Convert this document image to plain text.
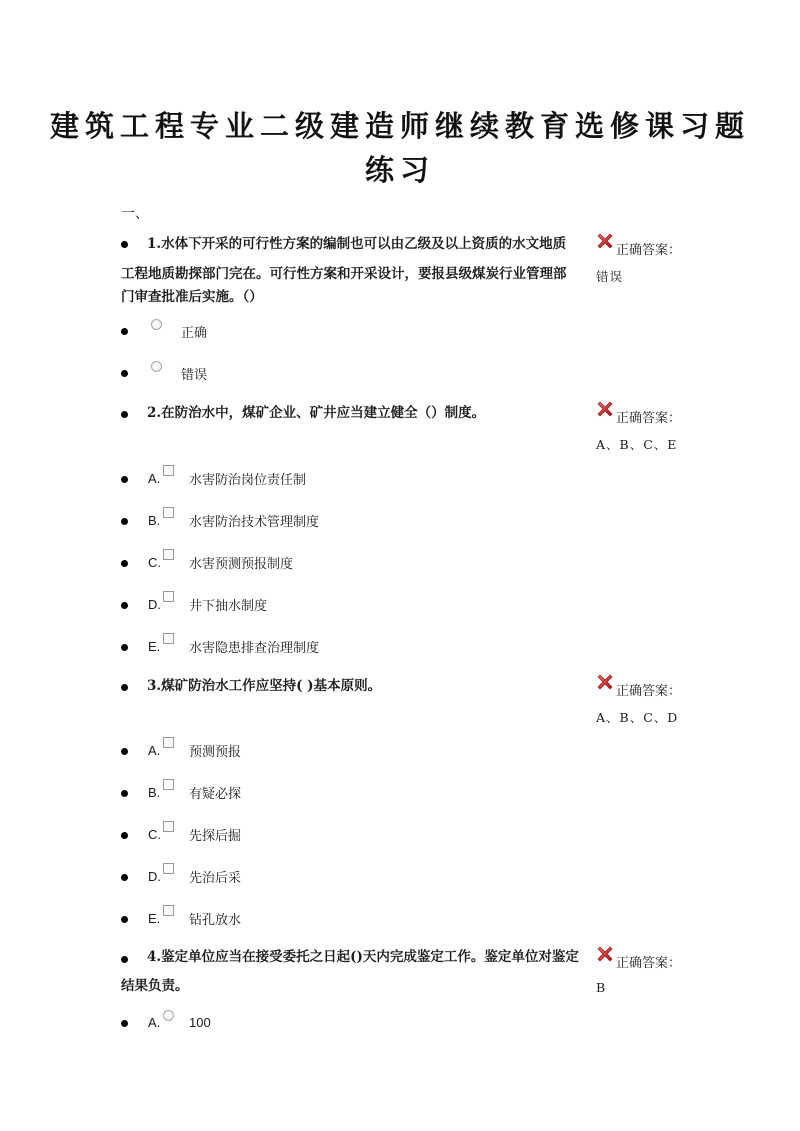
建筑工程专业二级建造师继续教育选修课习题
练习
一、
1.水体下开采的可行性方案的编制也可以由乙级及以上资质的水文地质
工程地质勘探部门完在。可行性方案和开采设计，要报县级煤炭行业管理部
门审查批准后实施。（）
正确答案：
错误
正确
错误
2.在防治水中，煤矿企业、矿井应当建立健全（）制度。	正确答案：
A、B、C、E
A. 水害防治岗位责任制
B. 水害防治技术管理制度
C. 水害预测预报制度
D. 井下抽水制度
E. 水害隐患排查治理制度
3.煤矿防治水工作应坚持( )基本原则。	正确答案：
A、B、C、D
A. 预测预报
B. 有疑必探
C. 先探后掘
D. 先治后采
E. 钻孔放水
4.鉴定单位应当在接受委托之日起()天内完成鉴定工作。鉴定单位对鉴定
结果负责。
正确答案：
B
A. 100
